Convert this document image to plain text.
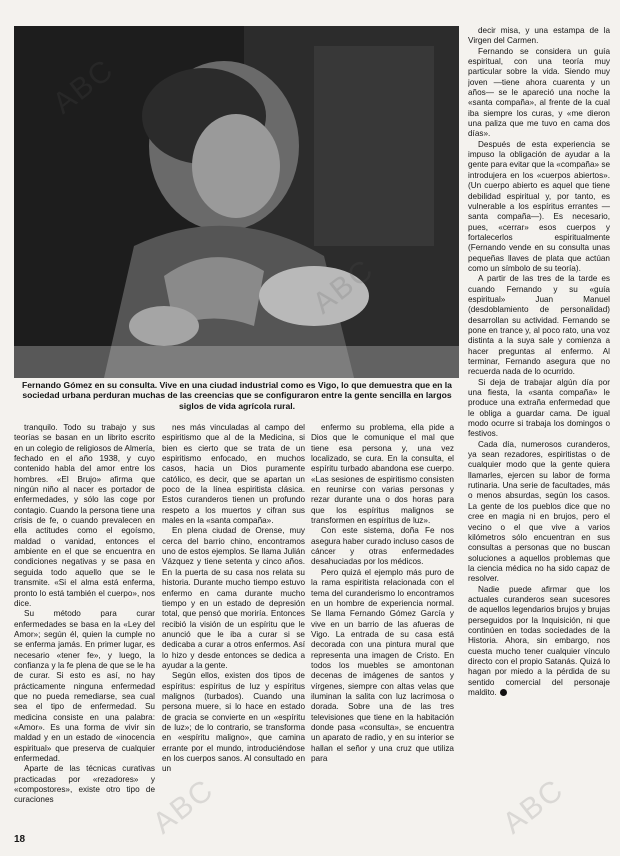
Fernando Gómez en su consulta. Vive en una ciudad industrial como es Vigo, lo que demuestra que en la sociedad urbana perduran muchas de las creencias que se configuraron entre la gente sencilla en largos siglos de vida agrícola rural.

tranquilo. Todo su trabajo y sus teorías se basan en un librito escrito en un colegio de religiosos de Almería, fechado en el año 1938, y cuyo contenido habla del amor entre los hombres. «El Brujo» afirma que ningún niño al nacer es portador de enfermedades, y sólo las coge por contagio. Cuando la persona tiene una crisis de fe, o cuando prevalecen en ella actitudes como el egoísmo, maldad o vanidad, entonces el ambiente en el que se encuentra en condiciones negativas y se pasa en seguida todo aquello que se le transmite. «Si el alma está enferma, pronto lo está también el cuerpo», nos dice.

Su método para curar enfermedades se basa en la «Ley del Amor»; según él, quien la cumple no se enferma jamás. En primer lugar, es necesario «tener fe», y luego, la confianza y la fe plena de que se le ha de curar. Si esto es así, no hay prácticamente ninguna enfermedad que no pueda remediarse, sea cual sea el tipo de enfermedad. Su medicina consiste en una palabra: «Amor». Es una forma de vivir sin maldad y en un estado de «inocencia espiritual» que preserva de cualquier enfermedad.

Aparte de las técnicas curativas practicadas por «rezadores» y «compostores», existe otro tipo de curaciones

nes más vinculadas al campo del espiritismo que al de la Medicina, si bien es cierto que se trata de un espiritismo enfocado, en muchos casos, hacia un Dios puramente católico, es decir, que se apartan un poco de la línea espiritista clásica. Estos curanderos tienen un profundo respeto a los muertos y cifran sus males en la «santa compaña».

En plena ciudad de Orense, muy cerca del barrio chino, encontramos uno de estos ejemplos. Se llama Julián Vázquez y tiene setenta y cinco años. En la puerta de su casa nos relata su historia. Durante mucho tiempo estuvo enfermo en cama durante mucho tiempo y en un estado de depresión total, que pensó que moriría. Entonces recibió la visión de un espíritu que le anunció que le iba a curar si se dedicaba a curar a otros enfermos. Así lo hizo y desde entonces se dedica a ayudar a la gente.

Según ellos, existen dos tipos de espíritus: espíritus de luz y espíritus malignos (turbados). Cuando una persona muere, si lo hace en estado de gracia se convierte en un «espíritu de luz»; de lo contrario, se transforma en «espíritu maligno», que camina errante por el mundo, introduciéndose en los cuerpos sanos. Al consultado en un

enfermo su problema, ella pide a Dios que le comunique el mal que tiene esa persona y, una vez localizado, se cura. En la consulta, el espíritu turbado abandona ese cuerpo. «Las sesiones de espiritismo consisten en reunirse con varias personas y rezar durante una o dos horas para que los espíritus malignos se transformen en espíritus de luz».

Con este sistema, doña Fe nos asegura haber curado incluso casos de cáncer y otras enfermedades desahuciadas por los médicos.

Pero quizá el ejemplo más puro de la rama espiritista relacionada con el tema del curanderismo lo encontramos en un hombre de experiencia normal. Se llama Fernando Gómez García y vive en un barrio de las afueras de Vigo. La entrada de su casa está decorada con una pintura mural que representa una imagen de Cristo. En todos los muebles se amontonan decenas de imágenes de santos y vírgenes, siempre con altas velas que iluminan la salita con luz lacrimosa o dorada. Sobre una de las tres televisiones que tiene en la habitación donde pasa «consulta», se encuentra un aparato de radio, y en su interior se hallan el señor y una cruz que utiliza para

decir misa, y una estampa de la Virgen del Carmen.

Fernando se considera un guía espiritual, con una teoría muy particular sobre la vida. Siendo muy joven —tiene ahora cuarenta y un años— se le apareció una noche la «santa compaña», al frente de la cual iba siempre los curas, y «me dieron una paliza que me tuvo en cama dos días».

Después de esta experiencia se impuso la obligación de ayudar a la gente para evitar que la «compaña» se introdujera en los «cuerpos abiertos». (Un cuerpo abierto es aquel que tiene debilidad espiritual y, por tanto, es vulnerable a los espíritus errantes —santa compaña—). Es necesario, pues, «cerrar» esos cuerpos y fortalecerlos espiritualmente (Fernando vende en su consulta unas pequeñas llaves de plata que actúan como un símbolo de su teoría).

A partir de las tres de la tarde es cuando Fernando y su «guía espiritual» Juan Manuel (desdoblamiento de personalidad) desarrollan su actividad. Fernando se pone en trance y, al poco rato, una voz distinta a la suya sale y comienza a hacer preguntas al enfermo. Al terminar, Fernando asegura que no recuerda nada de lo ocurrido.

Si deja de trabajar algún día por una fiesta, la «santa compaña» le produce una extraña enfermedad que le obliga a guardar cama. De igual modo ocurre si trabaja los domingos o festivos.

Cada día, numerosos curanderos, ya sean rezadores, espiritistas o de cualquier modo que la gente quiera llamarles, ejercen su labor de forma rutinaria. Una serie de facultades, más o menos absurdas, según los casos. La gente de los pueblos dice que no cree en magia ni en brujos, pero el vecino o el que vive a varios kilómetros sólo encuentran en sus consultas a personas que no buscan soluciones a aquellos problemas que la ciencia médica no ha sido capaz de resolver.

Nadie puede afirmar que los actuales curanderos sean sucesores de aquellos legendarios brujos y brujas perseguidos por la Inquisición, ni que continúen en todas sociedades de la Historia. Ahora, sin embargo, nos cuesta mucho tener cualquier vínculo directo con el propio Satanás. Quizá lo hagan por miedo a la pérdida de su sentido comercial del personaje maldito.

18	ABC	ABC
